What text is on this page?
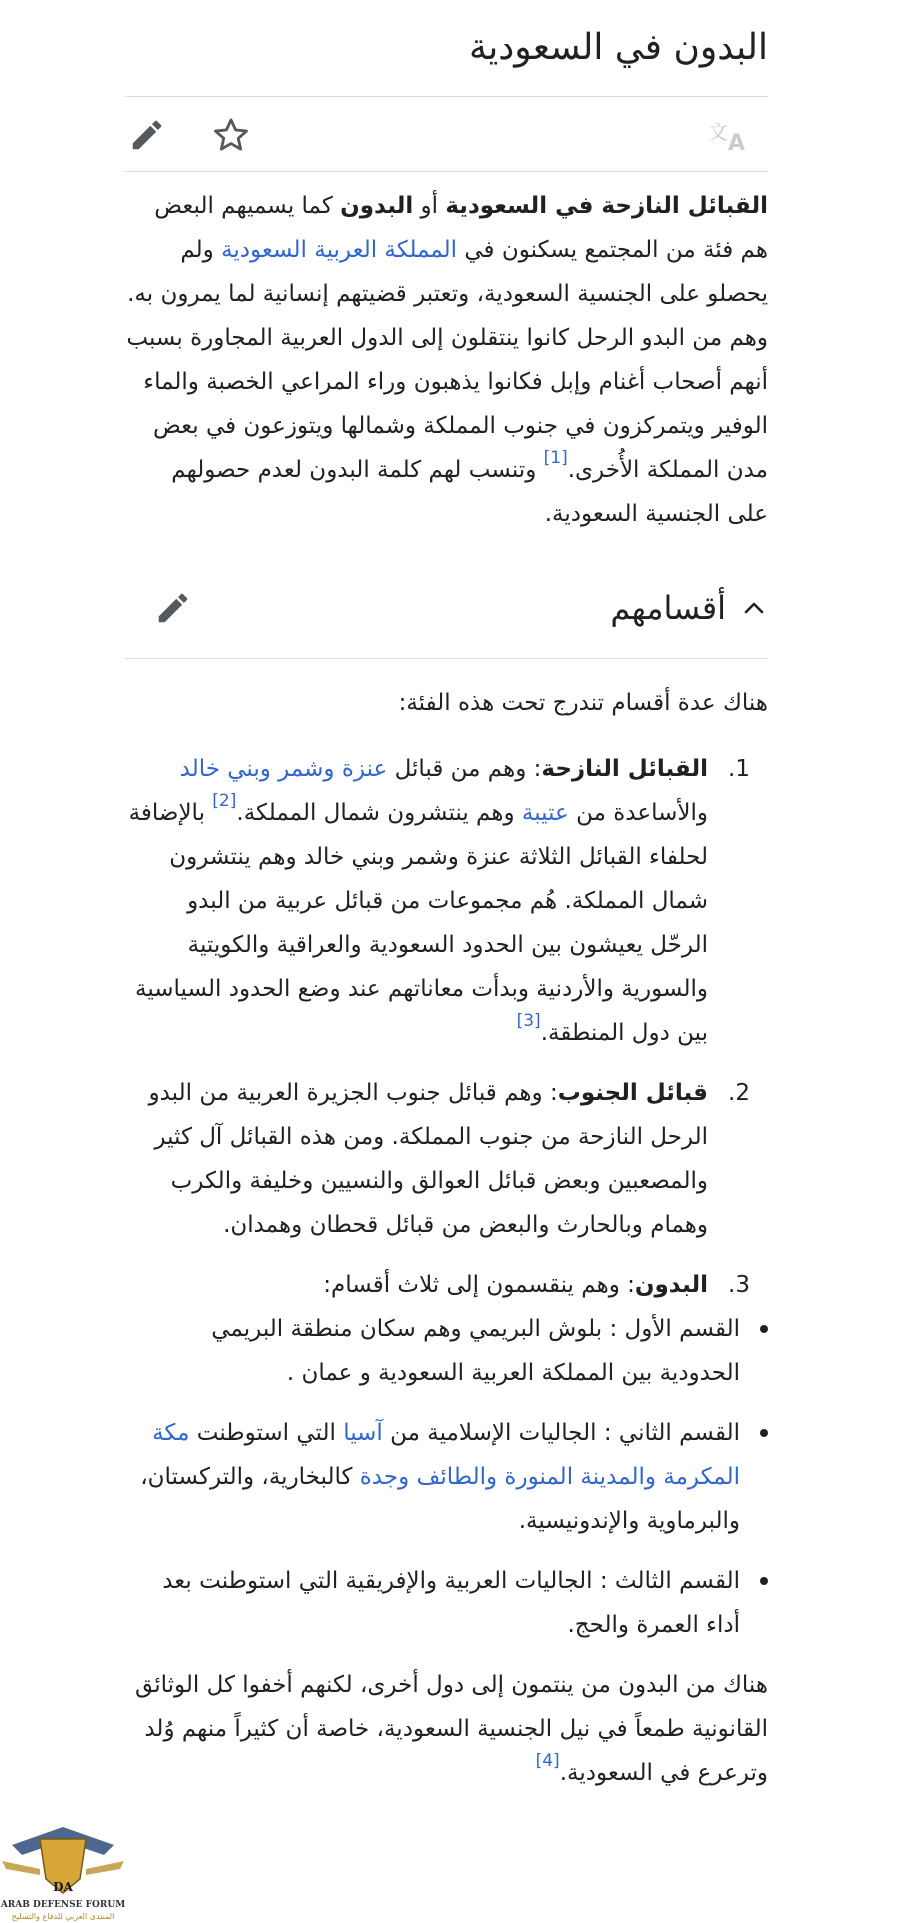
البدون في السعودية
文 A

القبائل النازحة في السعودية أو البدون كما يسميهم البعض هم فئة من المجتمع يسكنون في المملكة العربية السعودية ولم يحصلو على الجنسية السعودية، وتعتبر قضيتهم إنسانية لما يمرون به. وهم من البدو الرحل كانوا ينتقلون إلى الدول العربية المجاورة بسبب أنهم أصحاب أغنام وإبل فكانوا يذهبون وراء المراعي الخصبة والماء الوفير ويتمركزون في جنوب المملكة وشمالها ويتوزعون في بعض مدن المملكة الأُخرى.[1] وتنسب لهم كلمة البدون لعدم حصولهم على الجنسية السعودية.

أقسامهم

هناك عدة أقسام تندرج تحت هذه الفئة:

1.
القبائل النازحة: وهم من قبائل عنزة وشمر وبني خالد والأساعدة من عتيبة وهم ينتشرون شمال المملكة.[2] بالإضافة لحلفاء القبائل الثلاثة عنزة وشمر وبني خالد وهم ينتشرون شمال المملكة. هُم مجموعات من قبائل عربية من البدو الرحّل يعيشون بين الحدود السعودية والعراقية والكويتية والسورية والأردنية وبدأت معاناتهم عند وضع الحدود السياسية بين دول المنطقة.[3]
2.
قبائل الجنوب: وهم قبائل جنوب الجزيرة العربية من البدو الرحل النازحة من جنوب المملكة. ومن هذه القبائل آل كثير والمصعبين وبعض قبائل العوالق والنسيين وخليفة والكرب وهمام وبالحارث والبعض من قبائل قحطان وهمدان.
3.
البدون: وهم ينقسمون إلى ثلاث أقسام:
القسم الأول : بلوش البريمي وهم سكان منطقة البريمي الحدودية بين المملكة العربية السعودية و عمان .
القسم الثاني : الجاليات الإسلامية من آسيا التي استوطنت مكة المكرمة والمدينة المنورة والطائف وجدة كالبخارية، والتركستان، والبرماوية والإندونيسية.
القسم الثالث : الجاليات العربية والإفريقية التي استوطنت بعد أداء العمرة والحج.

هناك من البدون من ينتمون إلى دول أخرى، لكنهم أخفوا كل الوثائق القانونية طمعاً في نيل الجنسية السعودية، خاصة أن كثيراً منهم وُلد وترعرع في السعودية.[4]

DA
ARAB DEFENSE FORUM
المنتدى العربي للدفاع والتسليح
